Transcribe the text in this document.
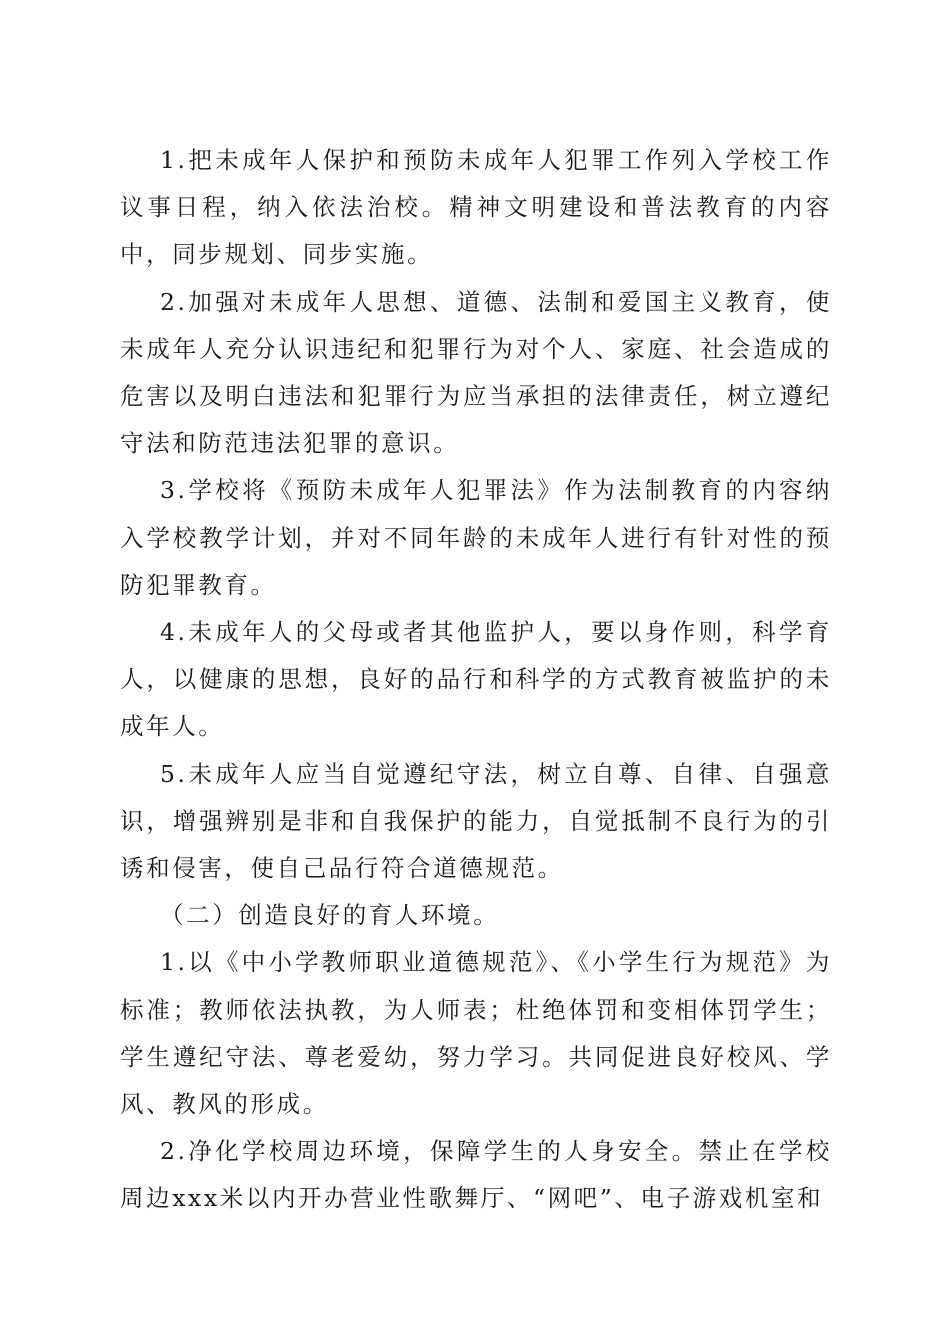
1.把未成年人保护和预防未成年人犯罪工作列入学校工作议事日程，纳入依法治校。精神文明建设和普法教育的内容中，同步规划、同步实施。

2.加强对未成年人思想、道德、法制和爱国主义教育，使未成年人充分认识违纪和犯罪行为对个人、家庭、社会造成的危害以及明白违法和犯罪行为应当承担的法律责任，树立遵纪守法和防范违法犯罪的意识。

3.学校将《预防未成年人犯罪法》作为法制教育的内容纳入学校教学计划，并对不同年龄的未成年人进行有针对性的预防犯罪教育。

4.未成年人的父母或者其他监护人，要以身作则，科学育人，以健康的思想，良好的品行和科学的方式教育被监护的未成年人。

5.未成年人应当自觉遵纪守法，树立自尊、自律、自强意识，增强辨别是非和自我保护的能力，自觉抵制不良行为的引诱和侵害，使自己品行符合道德规范。

（二）创造良好的育人环境。

1.以《中小学教师职业道德规范》、《小学生行为规范》为标准；教师依法执教，为人师表；杜绝体罚和变相体罚学生；学生遵纪守法、尊老爱幼，努力学习。共同促进良好校风、学风、教风的形成。

2.净化学校周边环境，保障学生的人身安全。禁止在学校周边xxx米以内开办营业性歌舞厅、“网吧”、电子游戏机室和
